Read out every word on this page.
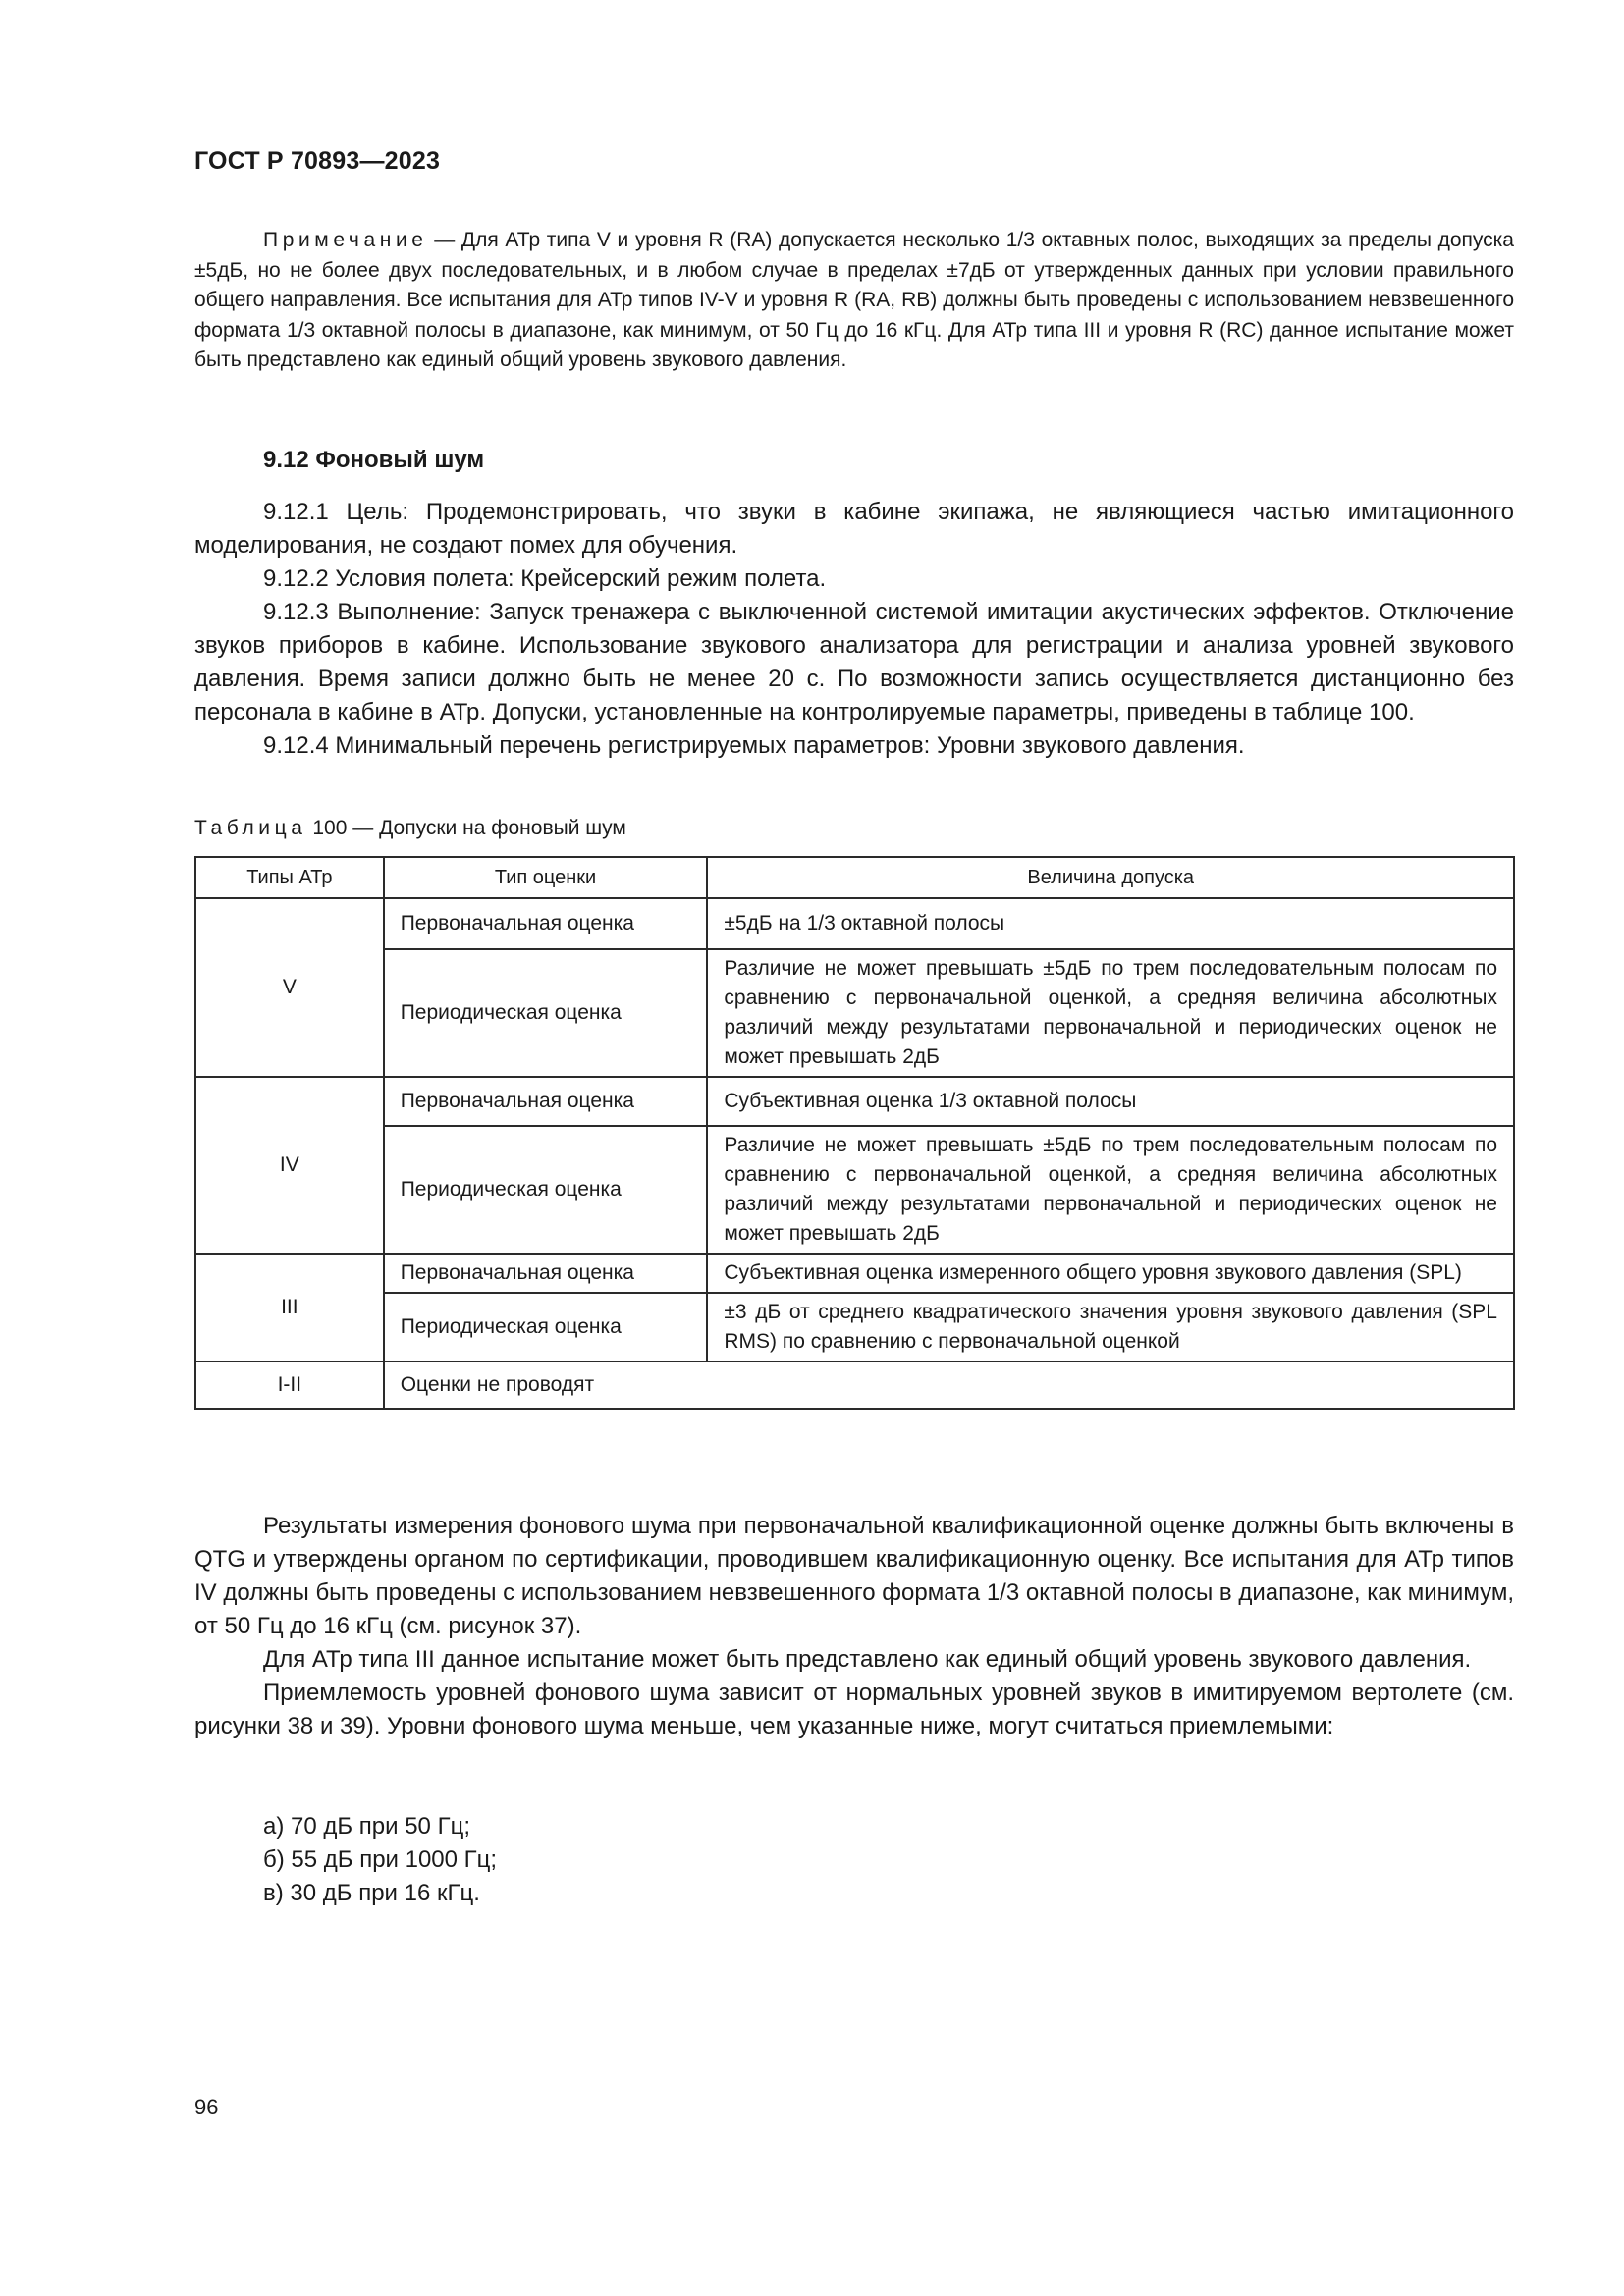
ГОСТ Р 70893—2023

Примечание — Для АТр типа V и уровня R (RA) допускается несколько 1/3 октавных полос, выходящих за пределы допуска ±5дБ, но не более двух последовательных, и в любом случае в пределах ±7дБ от утвержденных данных при условии правильного общего направления. Все испытания для АТр типов IV-V и уровня R (RA, RB) должны быть проведены с использованием невзвешенного формата 1/3 октавной полосы в диапазоне, как минимум, от 50 Гц до 16 кГц. Для АТр типа III и уровня R (RC) данное испытание может быть представлено как единый общий уровень звукового давления.

9.12 Фоновый шум

9.12.1 Цель: Продемонстрировать, что звуки в кабине экипажа, не являющиеся частью имитационного моделирования, не создают помех для обучения.

9.12.2 Условия полета: Крейсерский режим полета.

9.12.3 Выполнение: Запуск тренажера с выключенной системой имитации акустических эффектов. Отключение звуков приборов в кабине. Использование звукового анализатора для регистрации и анализа уровней звукового давления. Время записи должно быть не менее 20 с. По возможности запись осуществляется дистанционно без персонала в кабине в АТр. Допуски, установленные на контролируемые параметры, приведены в таблице 100.

9.12.4 Минимальный перечень регистрируемых параметров: Уровни звукового давления.

Таблица 100 — Допуски на фоновый шум
Типы АТр	Тип оценки	Величина допуска
V	Первоначальная оценка	±5дБ на 1/3 октавной полосы
	Периодическая оценка	Различие не может превышать ±5дБ по трем последовательным полосам по сравнению с первоначальной оценкой, а средняя величина абсолютных различий между результатами первоначальной и периодических оценок не может превышать 2дБ
IV	Первоначальная оценка	Субъективная оценка 1/3 октавной полосы
	Периодическая оценка	Различие не может превышать ±5дБ по трем последовательным полосам по сравнению с первоначальной оценкой, а средняя величина абсолютных различий между результатами первоначальной и периодических оценок не может превышать 2дБ
III	Первоначальная оценка	Субъективная оценка измеренного общего уровня звукового давления (SPL)
	Периодическая оценка	±3 дБ от среднего квадратического значения уровня звукового давления (SPL RMS) по сравнению с первоначальной оценкой
I-II	Оценки не проводят	

Результаты измерения фонового шума при первоначальной квалификационной оценке должны быть включены в QTG и утверждены органом по сертификации, проводившем квалификационную оценку. Все испытания для АТр типов IV должны быть проведены с использованием невзвешенного формата 1/3 октавной полосы в диапазоне, как минимум, от 50 Гц до 16 кГц (см. рисунок 37).

Для АТр типа III данное испытание может быть представлено как единый общий уровень звукового давления.

Приемлемость уровней фонового шума зависит от нормальных уровней звуков в имитируемом вертолете (см. рисунки 38 и 39). Уровни фонового шума меньше, чем указанные ниже, могут считаться приемлемыми:

а) 70 дБ при 50 Гц;
б) 55 дБ при 1000 Гц;
в) 30 дБ при 16 кГц.
96
